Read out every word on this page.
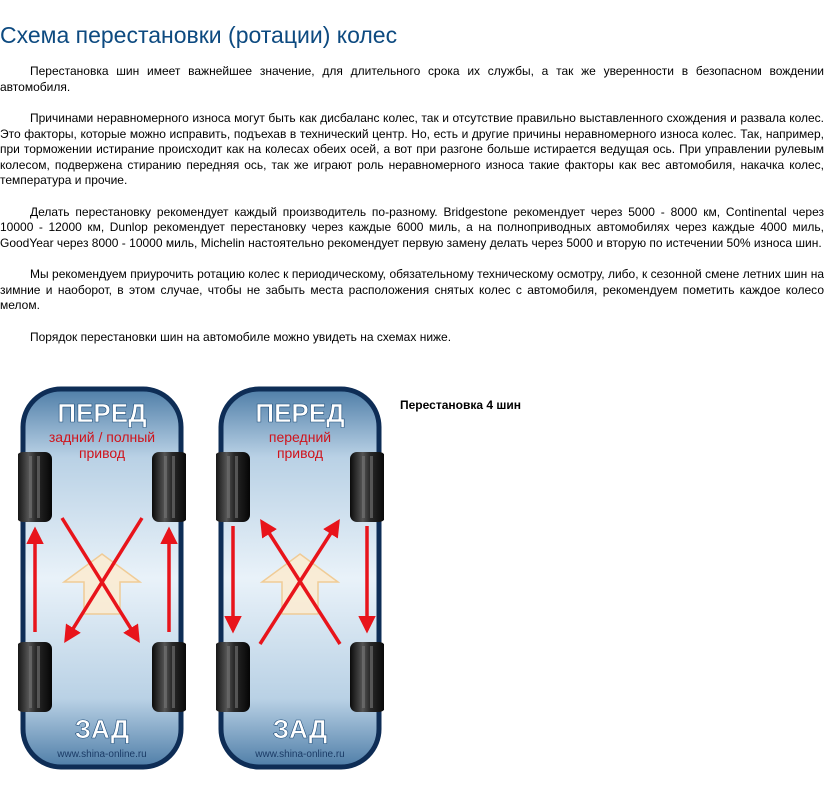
Схема перестановки (ротации) колес

Перестановка шин имеет важнейшее значение, для длительного срока их службы, а так же уверенности в безопасном вождении автомобиля.

Причинами неравномерного износа могут быть как дисбаланс колес, так и отсутствие правильно выставленного схождения и развала колес. Это факторы, которые можно исправить, подъехав в технический центр. Но, есть и другие причины неравномерного износа колес. Так, например, при торможении истирание происходит как на колесах обеих осей, а вот при разгоне больше истирается ведущая ось. При управлении рулевым колесом, подвержена стиранию передняя ось, так же играют роль неравномерного износа такие факторы как вес автомобиля, накачка колес, температура и прочие.

Делать перестановку рекомендует каждый производитель по-разному. Bridgestone рекомендует через 5000 - 8000 км, Continental через 10000 - 12000 км, Dunlop рекомендует перестановку через каждые 6000 миль, а на полноприводных автомобилях через каждые 4000 миль, GoodYear через 8000 - 10000 миль, Michelin настоятельно рекомендует первую замену делать через 5000 и вторую по истечении 50% износа шин.

Мы рекомендуем приурочить ротацию колес к периодическому, обязательному техническому осмотру, либо, к сезонной смене летних шин на зимние и наоборот, в этом случае, чтобы не забыть места расположения снятых колес с автомобиля, рекомендуем пометить каждое колесо мелом.

Порядок перестановки шин на автомобиле можно увидеть на схемах ниже.

ПЕРЕД
задний / полный
привод
ЗАД
www.shina-online.ru
ПЕРЕД
передний
привод
ЗАД
www.shina-online.ru
Перестановка 4 шин
